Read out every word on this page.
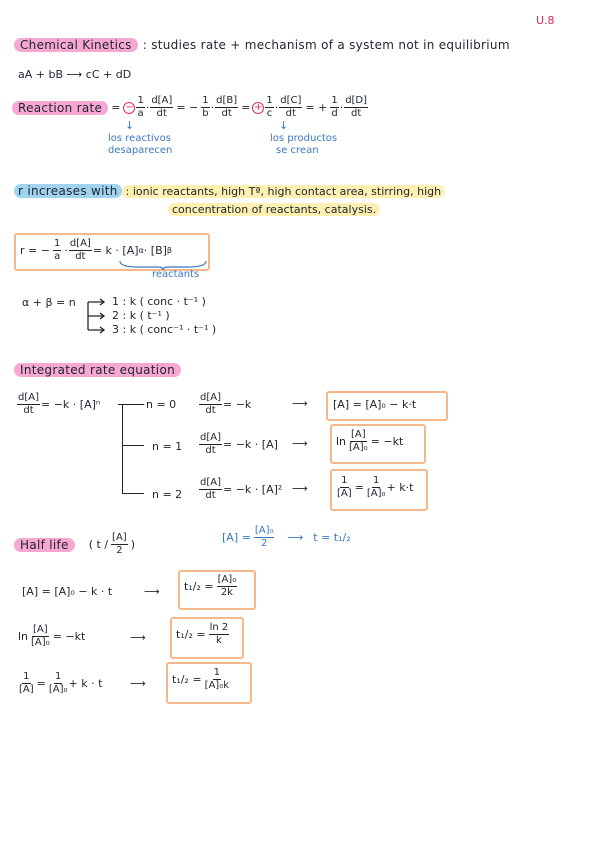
U.8
Chemical Kinetics : studies rate + mechanism of a system not in equilibrium
aA + bB ⟶ cC + dD
Reaction rate = − $\frac{1}{a} \cdot \frac{d[A]}{dt}$ = − $\frac{1}{b} \cdot \frac{d[B]}{dt}$ = + $\frac{1}{c} \cdot \frac{d[C]}{dt}$ = + $\frac{1}{d} \cdot \frac{d[D]}{dt}$
↓
los reactivos
desaparecen
↓
los productos
se crean
r increases with : ionic reactants, high Tª, high contact area, stirring, high
concentration of reactants, catalysis.
r = − $\frac{1}{a} \cdot \frac{d[A]}{dt} = k \cdot [A] \alpha \cdot [B]$ β
reactants
α + β = n	1 : k ( conc · t⁻¹ )
2 : k ( t⁻¹ )
3 : k ( conc⁻¹ · t⁻¹ )
Integrated rate equation
$\frac{d[A]}{dt} = -k \cdot [A]^n$	$n = 0 \frac{d[A]}{dt} = -k$	⟶ [A] = [A]₀ − k·t
$n = 1 \frac{d[A]}{dt} = -k \cdot [A]$ ⟶	$\ln \frac{[A]}{\text{[A]₀}} = -kt$
$n = 2 \frac{d[A]}{dt} = -k \cdot [A]^2$ ⟶	$\frac{1}{[A]} = \frac{1}{\text{[A]₀}} + k\cdot t$
Half life	( t / $\frac{[A]}{2}$ )
$[A] = \frac{\text{[A]₀}}{2}$ ⟶ t = t₁/₂
[A] = [A]₀ − k · t	⟶ $t_1/_2 = \frac{\text{[A]₀}}{2k}$
$\ln \frac{[A]}{\text{[A]₀}} = -kt$	⟶	$t_1/_2 = \frac{\ln 2}{k}$
$\frac{1}{[A]} = \frac{1}{\text{[A]₀}} + k \cdot t$	⟶ $t_1/_2 = \frac{1}{\text{[A]₀k}}$
